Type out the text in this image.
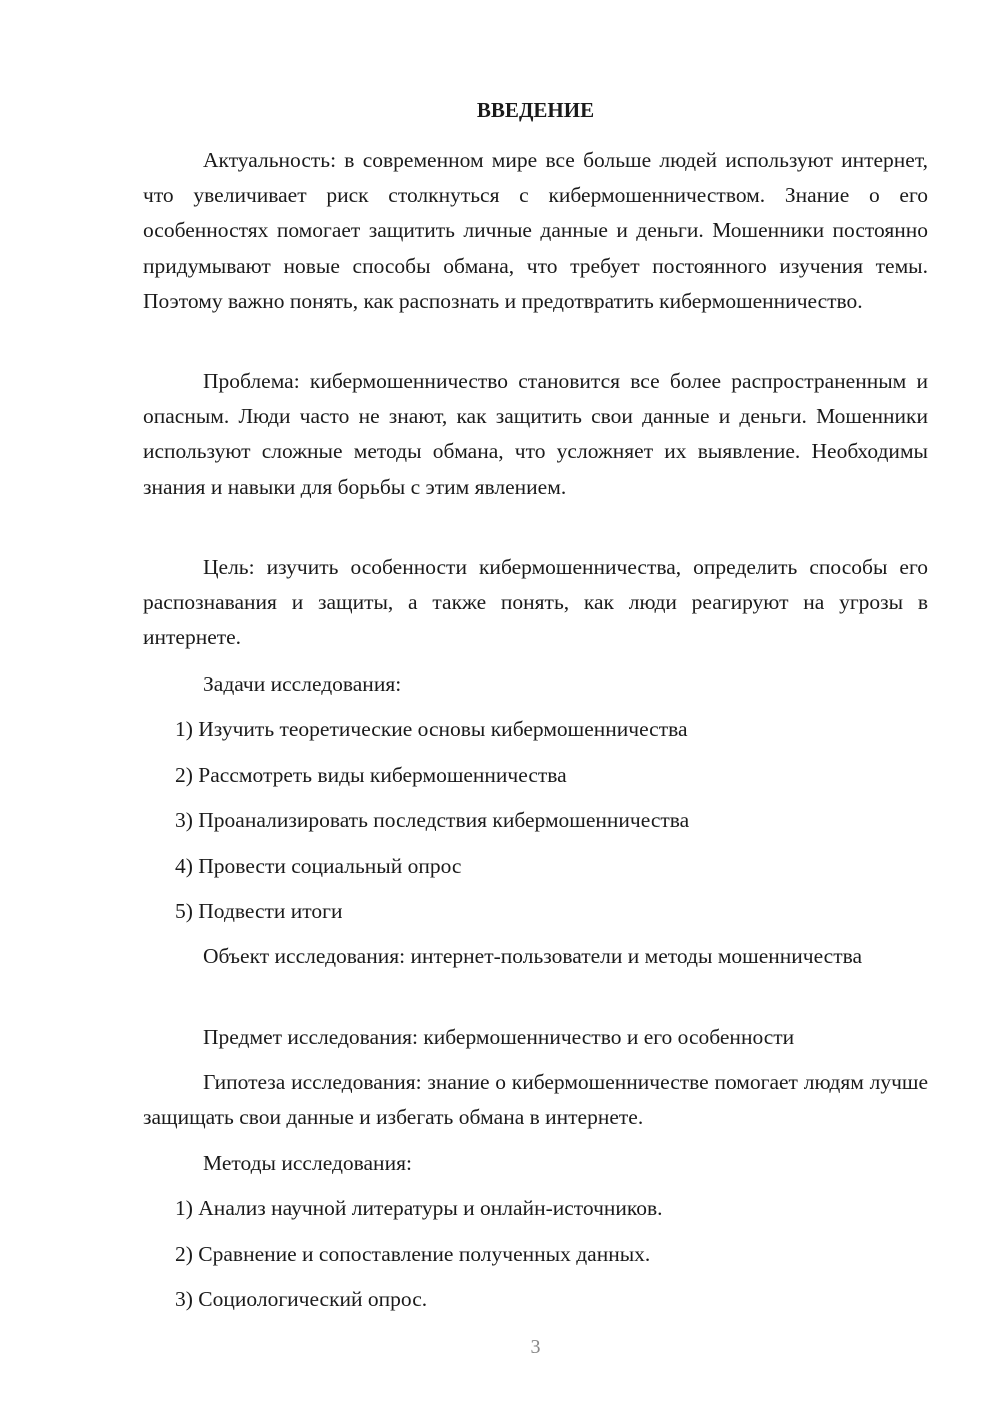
ВВЕДЕНИЕ

Актуальность: в современном мире все больше людей используют интернет, что увеличивает риск столкнуться с кибермошенничеством. Знание о его особенностях помогает защитить личные данные и деньги. Мошенники постоянно придумывают новые способы обмана, что требует постоянного изучения темы. Поэтому важно понять, как распознать и предотвратить кибермошенничество.

Проблема: кибермошенничество становится все более распространенным и опасным. Люди часто не знают, как защитить свои данные и деньги. Мошенники используют сложные методы обмана, что усложняет их выявление. Необходимы знания и навыки для борьбы с этим явлением.

Цель: изучить особенности кибермошенничества, определить способы его распознавания и защиты, а также понять, как люди реагируют на угрозы в интернете.

Задачи исследования:

1) Изучить теоретические основы кибермошенничества

2) Рассмотреть виды кибермошенничества

3) Проанализировать последствия кибермошенничества

4) Провести социальный опрос

5) Подвести итоги

Объект исследования: интернет-пользователи и методы мошенничества

Предмет исследования: кибермошенничество и его особенности

Гипотеза исследования: знание о кибермошенничестве помогает людям лучше защищать свои данные и избегать обмана в интернете.

Методы исследования:

1) Анализ научной литературы и онлайн-источников.

2) Сравнение и сопоставление полученных данных.

3) Социологический опрос.

3
